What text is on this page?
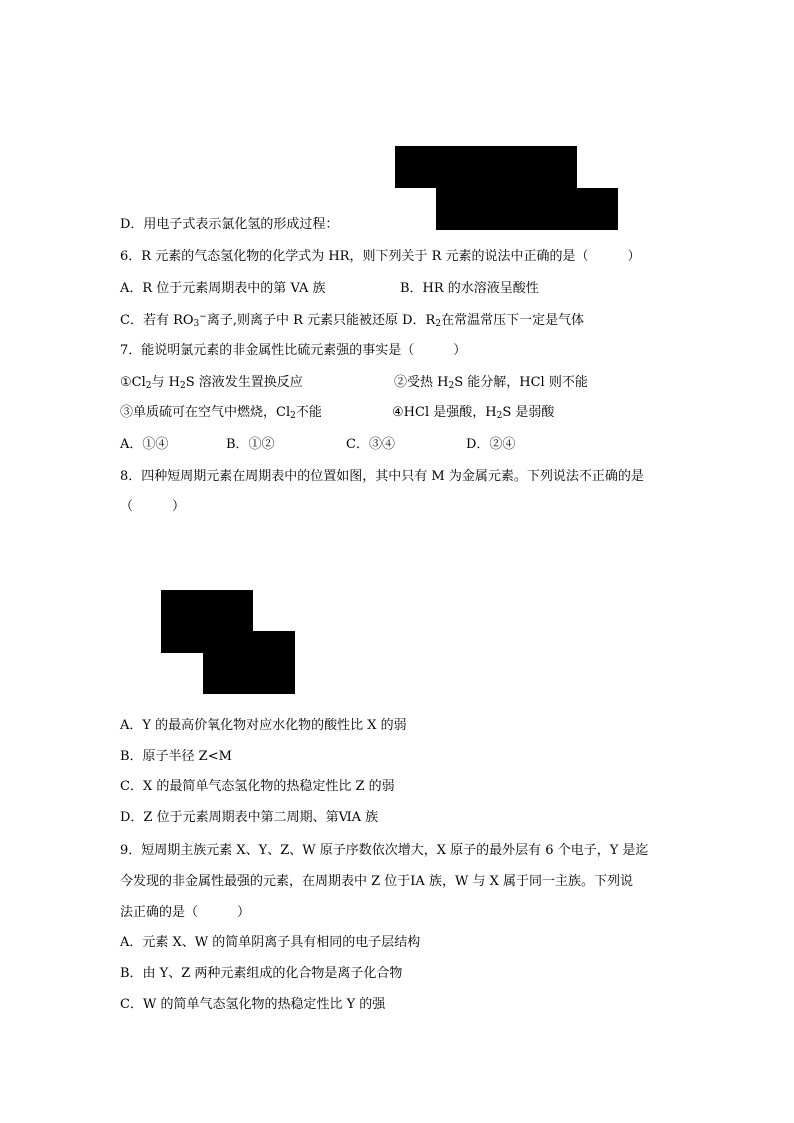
D．用电子式表示氯化氢的形成过程：
6．R 元素的气态氢化物的化学式为 HR，则下列关于 R 元素的说法中正确的是（　　　）
A．R 位于元素周期表中的第 VA 族	B．HR 的水溶液呈酸性
C．若有 $RO_3^-$离子,则离子中 R 元素只能被还原 D．$R_2$在常温常压下一定是气体
7．能说明氯元素的非金属性比硫元素强的事实是（　　　）
$①Cl_2$与 $H_2S$ 溶液发生置换反应	②受热 $H_2S$ 能分解，HCl 则不能
③单质硫可在空气中燃烧，$Cl_2$不能	④HCl 是强酸，$H_2S$ 是弱酸
A．①④	B．①②	C．③④	D．②④
8．四种短周期元素在周期表中的位置如图，其中只有 M 为金属元素。下列说法不正确的是
（　　　）
A．Y 的最高价氧化物对应水化物的酸性比 X 的弱
B．原子半径 Z<M
C．X 的最简单气态氢化物的热稳定性比 Z 的弱
D．Z 位于元素周期表中第二周期、第ⅥA 族
9．短周期主族元素 X、Y、Z、W 原子序数依次增大，X 原子的最外层有 6 个电子，Y 是迄
今发现的非金属性最强的元素，在周期表中 Z 位于ⅠA 族，W 与 X 属于同一主族。下列说
法正确的是（　　　）
A．元素 X、W 的简单阴离子具有相同的电子层结构
B．由 Y、Z 两种元素组成的化合物是离子化合物
C．W 的简单气态氢化物的热稳定性比 Y 的强
